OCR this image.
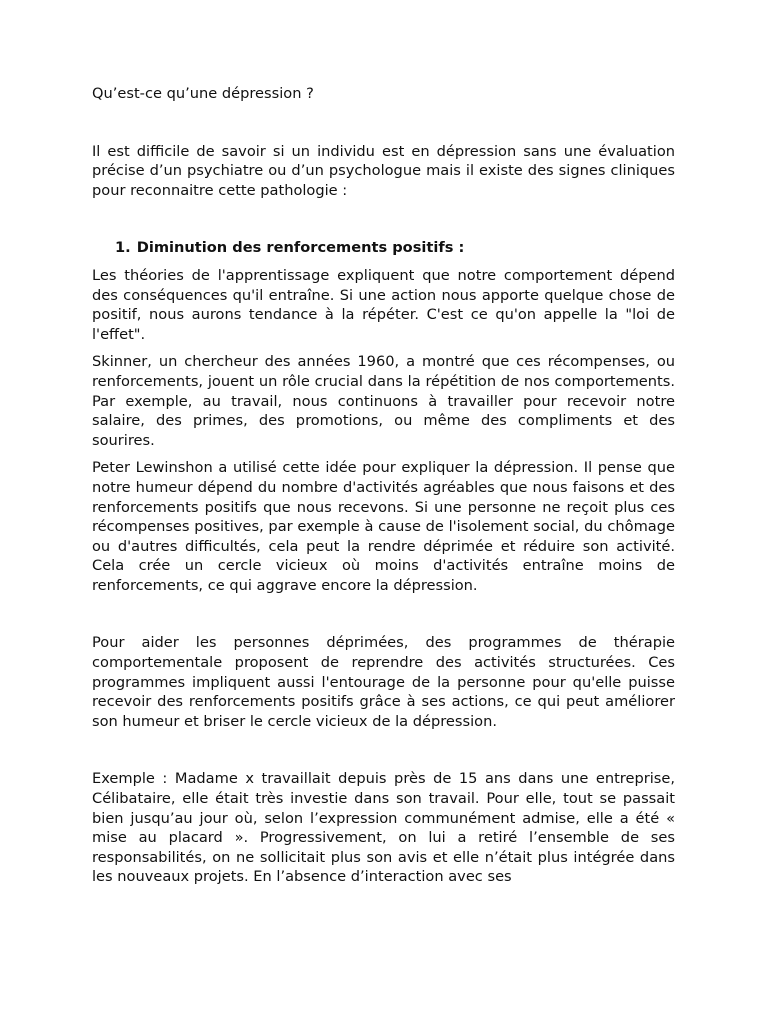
Qu’est-ce qu’une dépression ?

Il est difficile de savoir si un individu est en dépression sans une évaluation précise d’un psychiatre ou d’un psychologue mais il existe des signes cliniques pour reconnaitre cette pathologie :

1. Diminution des renforcements positifs :

Les théories de l'apprentissage expliquent que notre comportement dépend des conséquences qu'il entraîne. Si une action nous apporte quelque chose de positif, nous aurons tendance à la répéter. C'est ce qu'on appelle la "loi de l'effet".

Skinner, un chercheur des années 1960, a montré que ces récompenses, ou renforcements, jouent un rôle crucial dans la répétition de nos comportements. Par exemple, au travail, nous continuons à travailler pour recevoir notre salaire, des primes, des promotions, ou même des compliments et des sourires.

Peter Lewinshon a utilisé cette idée pour expliquer la dépression. Il pense que notre humeur dépend du nombre d'activités agréables que nous faisons et des renforcements positifs que nous recevons. Si une personne ne reçoit plus ces récompenses positives, par exemple à cause de l'isolement social, du chômage ou d'autres difficultés, cela peut la rendre déprimée et réduire son activité. Cela crée un cercle vicieux où moins d'activités entraîne moins de renforcements, ce qui aggrave encore la dépression.

Pour aider les personnes déprimées, des programmes de thérapie comportementale proposent de reprendre des activités structurées. Ces programmes impliquent aussi l'entourage de la personne pour qu'elle puisse recevoir des renforcements positifs grâce à ses actions, ce qui peut améliorer son humeur et briser le cercle vicieux de la dépression.

Exemple : Madame x travaillait depuis près de 15 ans dans une entreprise, Célibataire, elle était très investie dans son travail. Pour elle, tout se passait bien jusqu’au jour où, selon l’expression communément admise, elle a été « mise au placard ». Progressivement, on lui a retiré l’ensemble de ses responsabilités, on ne sollicitait plus son avis et elle n’était plus intégrée dans les nouveaux projets. En l’absence d’interaction avec ses
